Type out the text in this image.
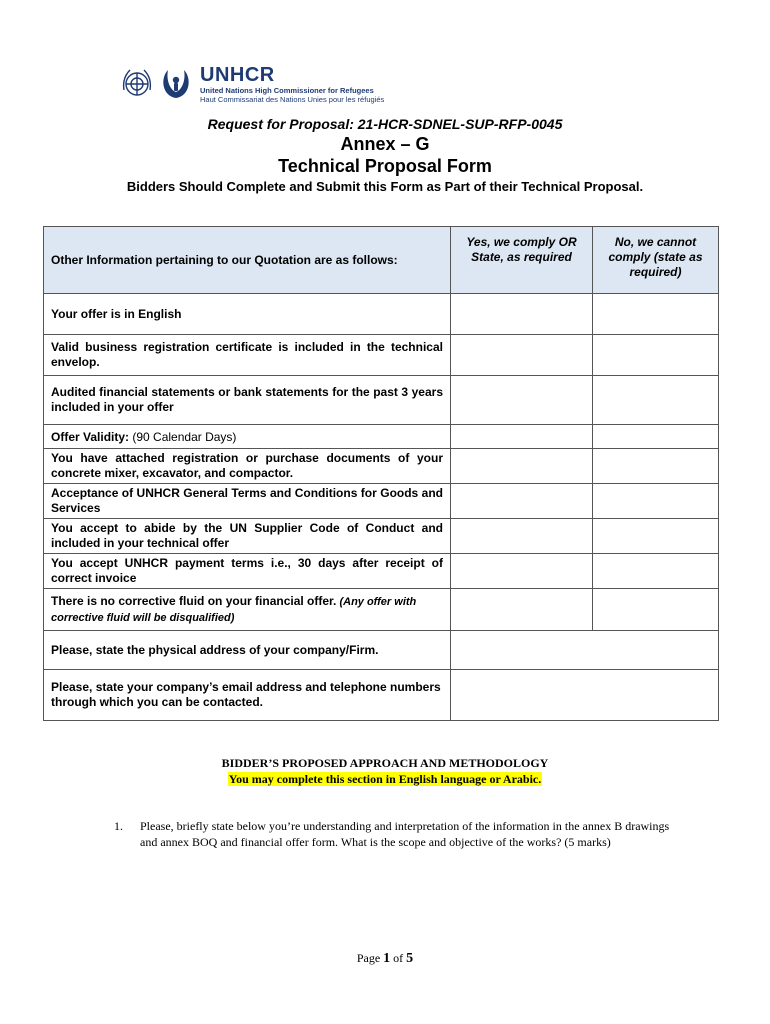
UNHCR
United Nations High Commissioner for Refugees
Haut Commissariat des Nations Unies pour les réfugiés
Request for Proposal: 21-HCR-SDNEL-SUP-RFP-0045
Annex – G
Technical Proposal Form
Bidders Should Complete and Submit this Form as Part of their Technical Proposal.
Other Information pertaining to our Quotation are as follows:	Yes, we comply OR State, as required	No, we cannot comply (state as required)
Your offer is in English		
Valid business registration certificate is included in the technical envelop.		
Audited financial statements or bank statements for the past 3 years included in your offer		
Offer Validity: (90 Calendar Days)		
You have attached registration or purchase documents of your concrete mixer, excavator, and compactor.		
Acceptance of UNHCR General Terms and Conditions for Goods and Services		
You accept to abide by the UN Supplier Code of Conduct and included in your technical offer		
You accept UNHCR payment terms i.e., 30 days after receipt of correct invoice		
There is no corrective fluid on your financial offer. (Any offer with corrective fluid will be disqualified)		
Please, state the physical address of your company/Firm.		
Please, state your company’s email address and telephone numbers through which you can be contacted.		
BIDDER’S PROPOSED APPROACH AND METHODOLOGY
You may complete this section in English language or Arabic.
1. Please, briefly state below you’re understanding and interpretation of the information in the annex B drawings and annex BOQ and financial offer form. What is the scope and objective of the works? (5 marks)
Page 1 of 5
